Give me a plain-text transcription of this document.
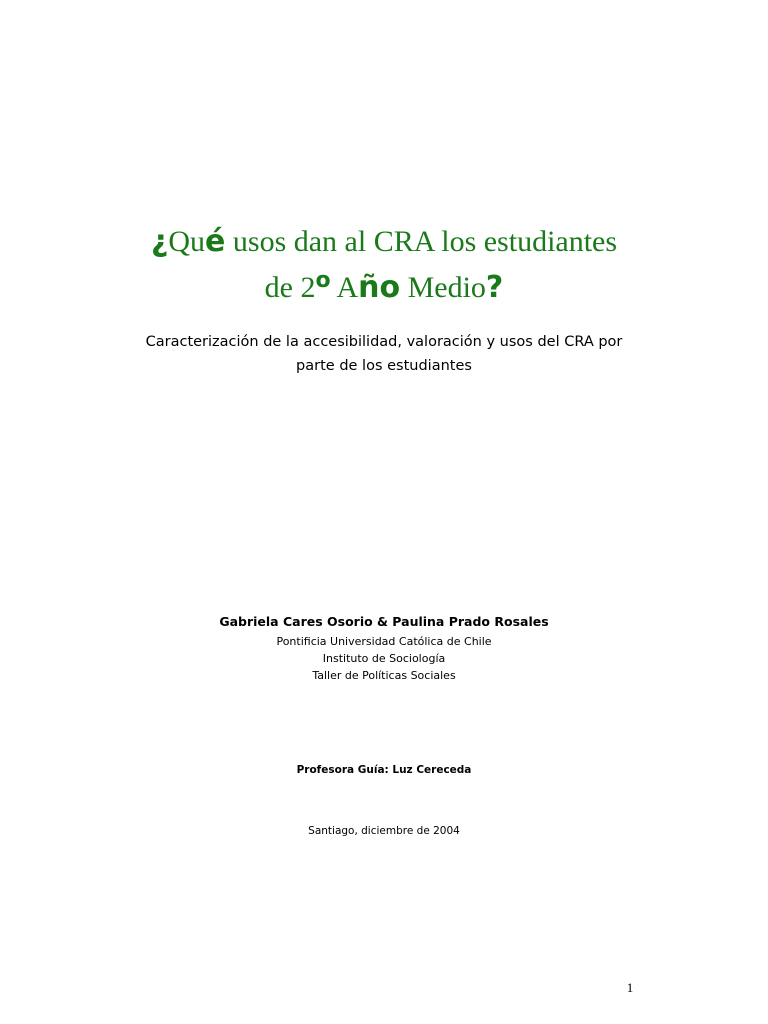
¿Qué usos dan al CRA los estudiantes
de 2$^o$ Año Medio?
Caracterización de la accesibilidad, valoración y usos del CRA por
parte de los estudiantes
Gabriela Cares Osorio & Paulina Prado Rosales
Pontificia Universidad Católica de Chile
Instituto de Sociología
Taller de Políticas Sociales
Profesora Guía: Luz Cereceda
Santiago, diciembre de 2004
1
